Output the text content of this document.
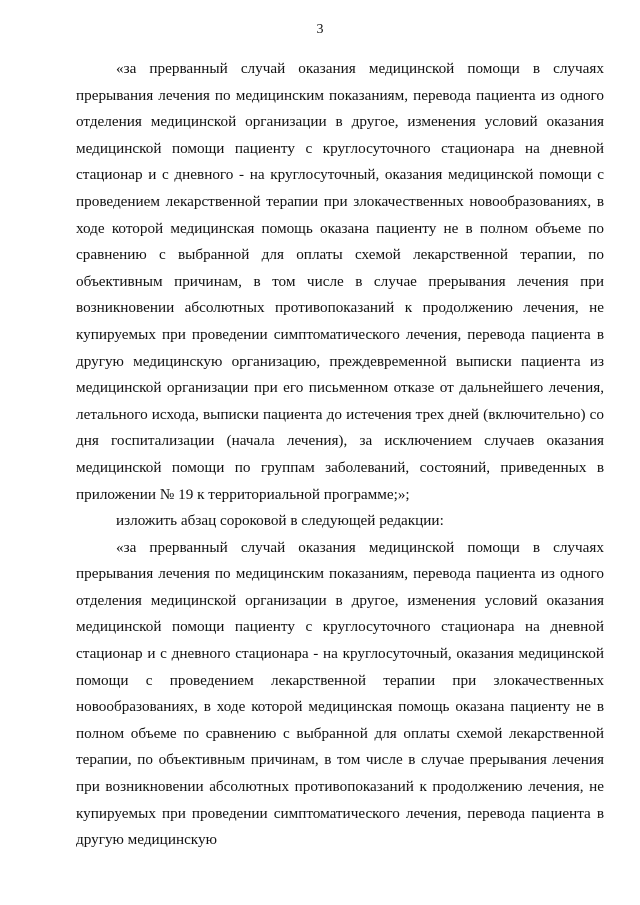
3

«за прерванный случай оказания медицинской помощи в случаях прерывания лечения по медицинским показаниям, перевода пациента из одного отделения медицинской организации в другое, изменения условий оказания медицинской помощи пациенту с круглосуточного стационара на дневной стационар и с дневного - на круглосуточный, оказания медицинской помощи с проведением лекарственной терапии при злокачественных новообразованиях, в ходе которой медицинская помощь оказана пациенту не в полном объеме по сравнению с выбранной для оплаты схемой лекарственной терапии, по объективным причинам, в том числе в случае прерывания лечения при возникновении абсолютных противопоказаний к продолжению лечения, не купируемых при проведении симптоматического лечения, перевода пациента в другую медицинскую организацию, преждевременной выписки пациента из медицинской организации при его письменном отказе от дальнейшего лечения, летального исхода, выписки пациента до истечения трех дней (включительно) со дня госпитализации (начала лечения), за исключением случаев оказания медицинской помощи по группам заболеваний, состояний, приведенных в приложении № 19 к территориальной программе;»;

изложить абзац сороковой в следующей редакции:

«за прерванный случай оказания медицинской помощи в случаях прерывания лечения по медицинским показаниям, перевода пациента из одного отделения медицинской организации в другое, изменения условий оказания медицинской помощи пациенту с круглосуточного стационара на дневной стационар и с дневного стационара - на круглосуточный, оказания медицинской помощи с проведением лекарственной терапии при злокачественных новообразованиях, в ходе которой медицинская помощь оказана пациенту не в полном объеме по сравнению с выбранной для оплаты схемой лекарственной терапии, по объективным причинам, в том числе в случае прерывания лечения при возникновении абсолютных противопоказаний к продолжению лечения, не купируемых при проведении симптоматического лечения, перевода пациента в другую медицинскую
